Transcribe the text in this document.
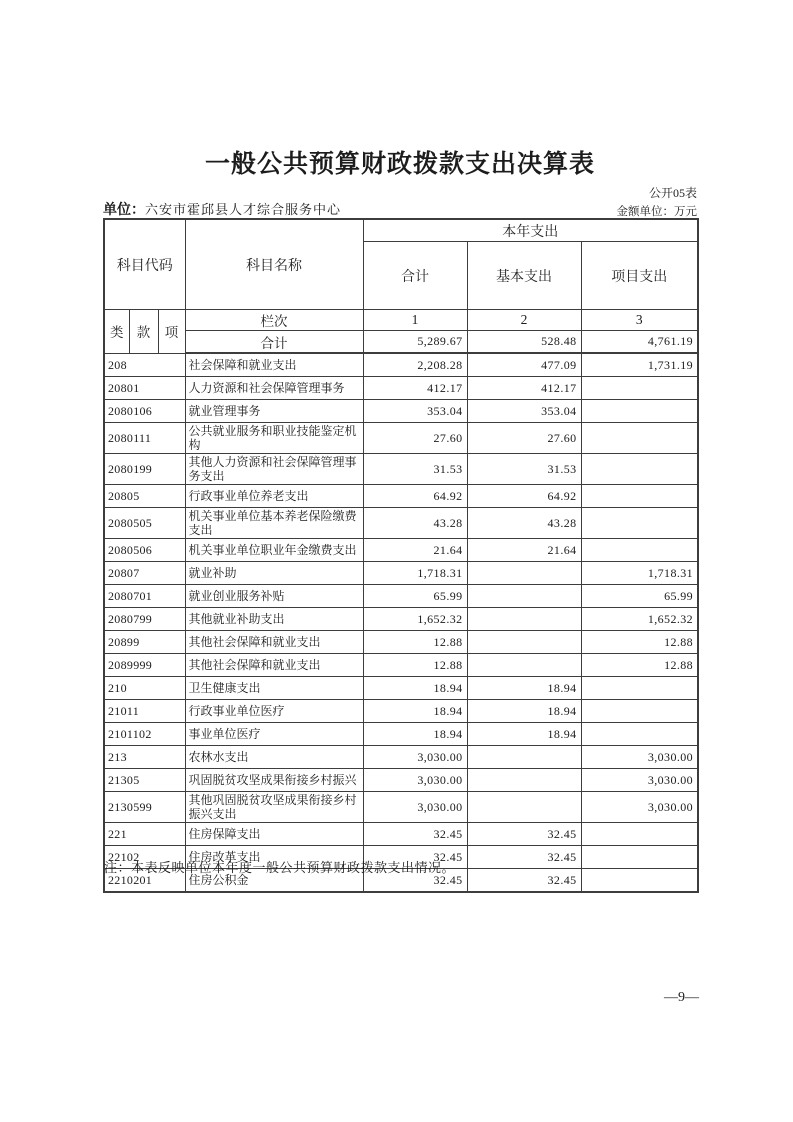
一般公共预算财政拨款支出决算表
公开05表
单位：六安市霍邱县人才综合服务中心	金额单位：万元
科目代码			科目名称	本年支出		
				合计	基本支出	项目支出
类	款	项	栏次	1	2	3
			合计	5,289.67	528.48	4,761.19
208			社会保障和就业支出	2,208.28	477.09	1,731.19
20801			人力资源和社会保障管理事务	412.17	412.17	
2080106			就业管理事务	353.04	353.04	
2080111			公共就业服务和职业技能鉴定机构	27.60	27.60	
2080199			其他人力资源和社会保障管理事务支出	31.53	31.53	
20805			行政事业单位养老支出	64.92	64.92	
2080505			机关事业单位基本养老保险缴费支出	43.28	43.28	
2080506			机关事业单位职业年金缴费支出	21.64	21.64	
20807			就业补助	1,718.31		1,718.31
2080701			就业创业服务补贴	65.99		65.99
2080799			其他就业补助支出	1,652.32		1,652.32
20899			其他社会保障和就业支出	12.88		12.88
2089999			其他社会保障和就业支出	12.88		12.88
210			卫生健康支出	18.94	18.94	
21011			行政事业单位医疗	18.94	18.94	
2101102			事业单位医疗	18.94	18.94	
213			农林水支出	3,030.00		3,030.00
21305			巩固脱贫攻坚成果衔接乡村振兴	3,030.00		3,030.00
2130599			其他巩固脱贫攻坚成果衔接乡村振兴支出	3,030.00		3,030.00
221			住房保障支出	32.45	32.45	
22102			住房改革支出	32.45	32.45	
2210201			住房公积金	32.45	32.45	
注：本表反映单位本年度一般公共预算财政拨款支出情况。
—9—
